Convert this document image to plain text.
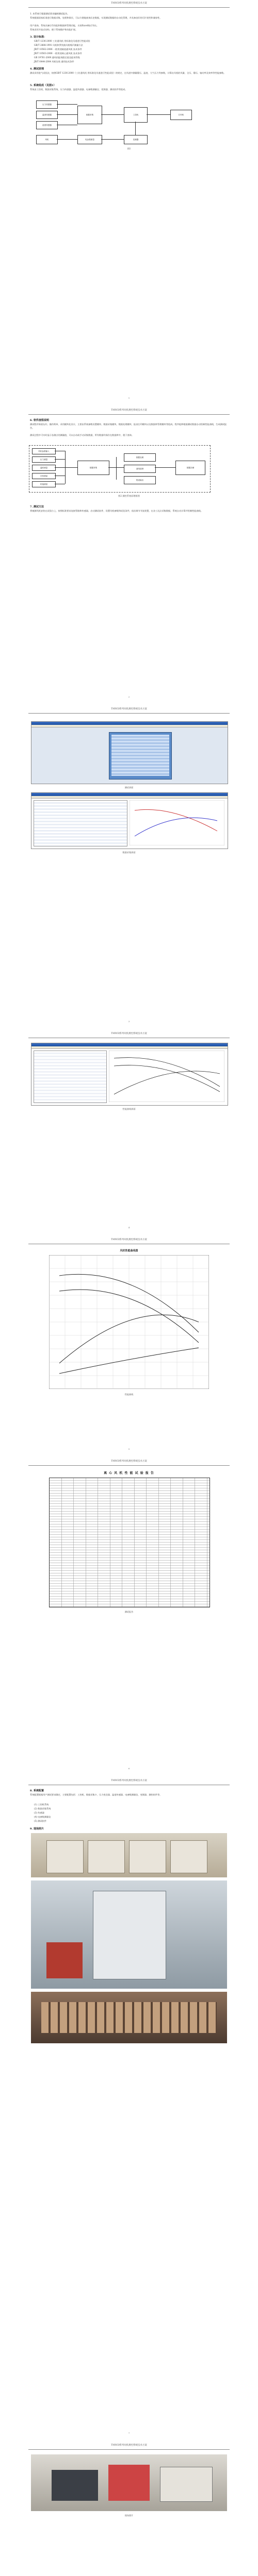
TMWD系列风机测控系统技术方案
1. 本系统可根据测试要求编制测试报告。
系统根据国家标准进行数据采集、处理和保存，可以方便地查询历史数据，实现测试数据的自动化管理，并具备良好的可扩展性和兼容性。
用户查询、系统具备打印功能和数据库管理功能，支持Excel格式导出。
系统采用开放式结构，便于系统维护和功能扩展。
3. 设计标准：
GB/T 1236-2000 工业通风机 用标准化风道进行性能试验
GB/T 2888-1991 风机和罗茨鼓风机噪声测量方法
JB/T 10562-2006 一般用途轴流通风机 技术条件
JB/T 10563-2006 一般用途离心通风机 技术条件
GB 19761-2009 通风机能效限定值及能效等级
JB/T 6444-2004 风机包装 通用技术条件
4. 测试原理
测试采用进气试验法，按照GB/T 1236-2000《工业通风机 用标准化风道进行性能试验》的规定，在风道中测量静压、温度、大气压力等参数，计算出风机的风量、全压、静压、轴功率及效率等性能参数。
5. 系统组成（见图1）
系统由工控机、数据采集系统、压力传感器、温度传感器、电参数测量仪、变频器、测试软件等组成。
压力传感器
温度传感器
湿度传感器
数据采集	工控机	打印机
风机	电参数测量	变频器
图1
1
TMWD系列风机测控系统技术方案
6. 软件流程说明
测试程序界面友好，操作简单，采用模块化设计，主要由系统参数设置模块、数据采集模块、数据处理模块、报表打印模块以及数据库管理模块等组成。程序能够根据测试数据自动绘制性能曲线，生成测试报告。
测试过程中可实时显示各测点的测量值，可以自动或手动采集数据，所有数据均保存在数据库中，便于查询。
风机参数输入
压力测量
温度测量
功率测量
转速测量
数据采集
数据处理
曲线绘制
报表输出
数据存储
图2 测控系统原理框图
7. 测试方法
将被测风机安装在试验台上，按照标准要求连接管路和传感器，启动测试软件，设置风机参数和试验条件，依次调节节流装置，在各工况点采集数据，系统自动计算并绘制性能曲线。
2
TMWD系列风机测控系统技术方案
测试界面
数据采集界面
3
TMWD系列风机测控系统技术方案
性能曲线界面
4
TMWD系列风机测控系统技术方案
风机性能曲线图
性能曲线
5
TMWD系列风机测控系统技术方案
离 心 风 机 性 能 试 验 报 告
测试报告
6
TMWD系列风机测控系统技术方案
8. 系统配置
系统配置根据用户测试要求确定，主要配置包括：工控机、数据采集卡、压力变送器、温度传感器、电参数测量仪、变频器、测控软件等。
(1) 工控机系统
(2) 数据采集系统
(3) 传感器
(4) 电参数测量仪
(5) 测试软件
9. 现场照片
7
TMWD系列风机测控系统技术方案
现场照片
